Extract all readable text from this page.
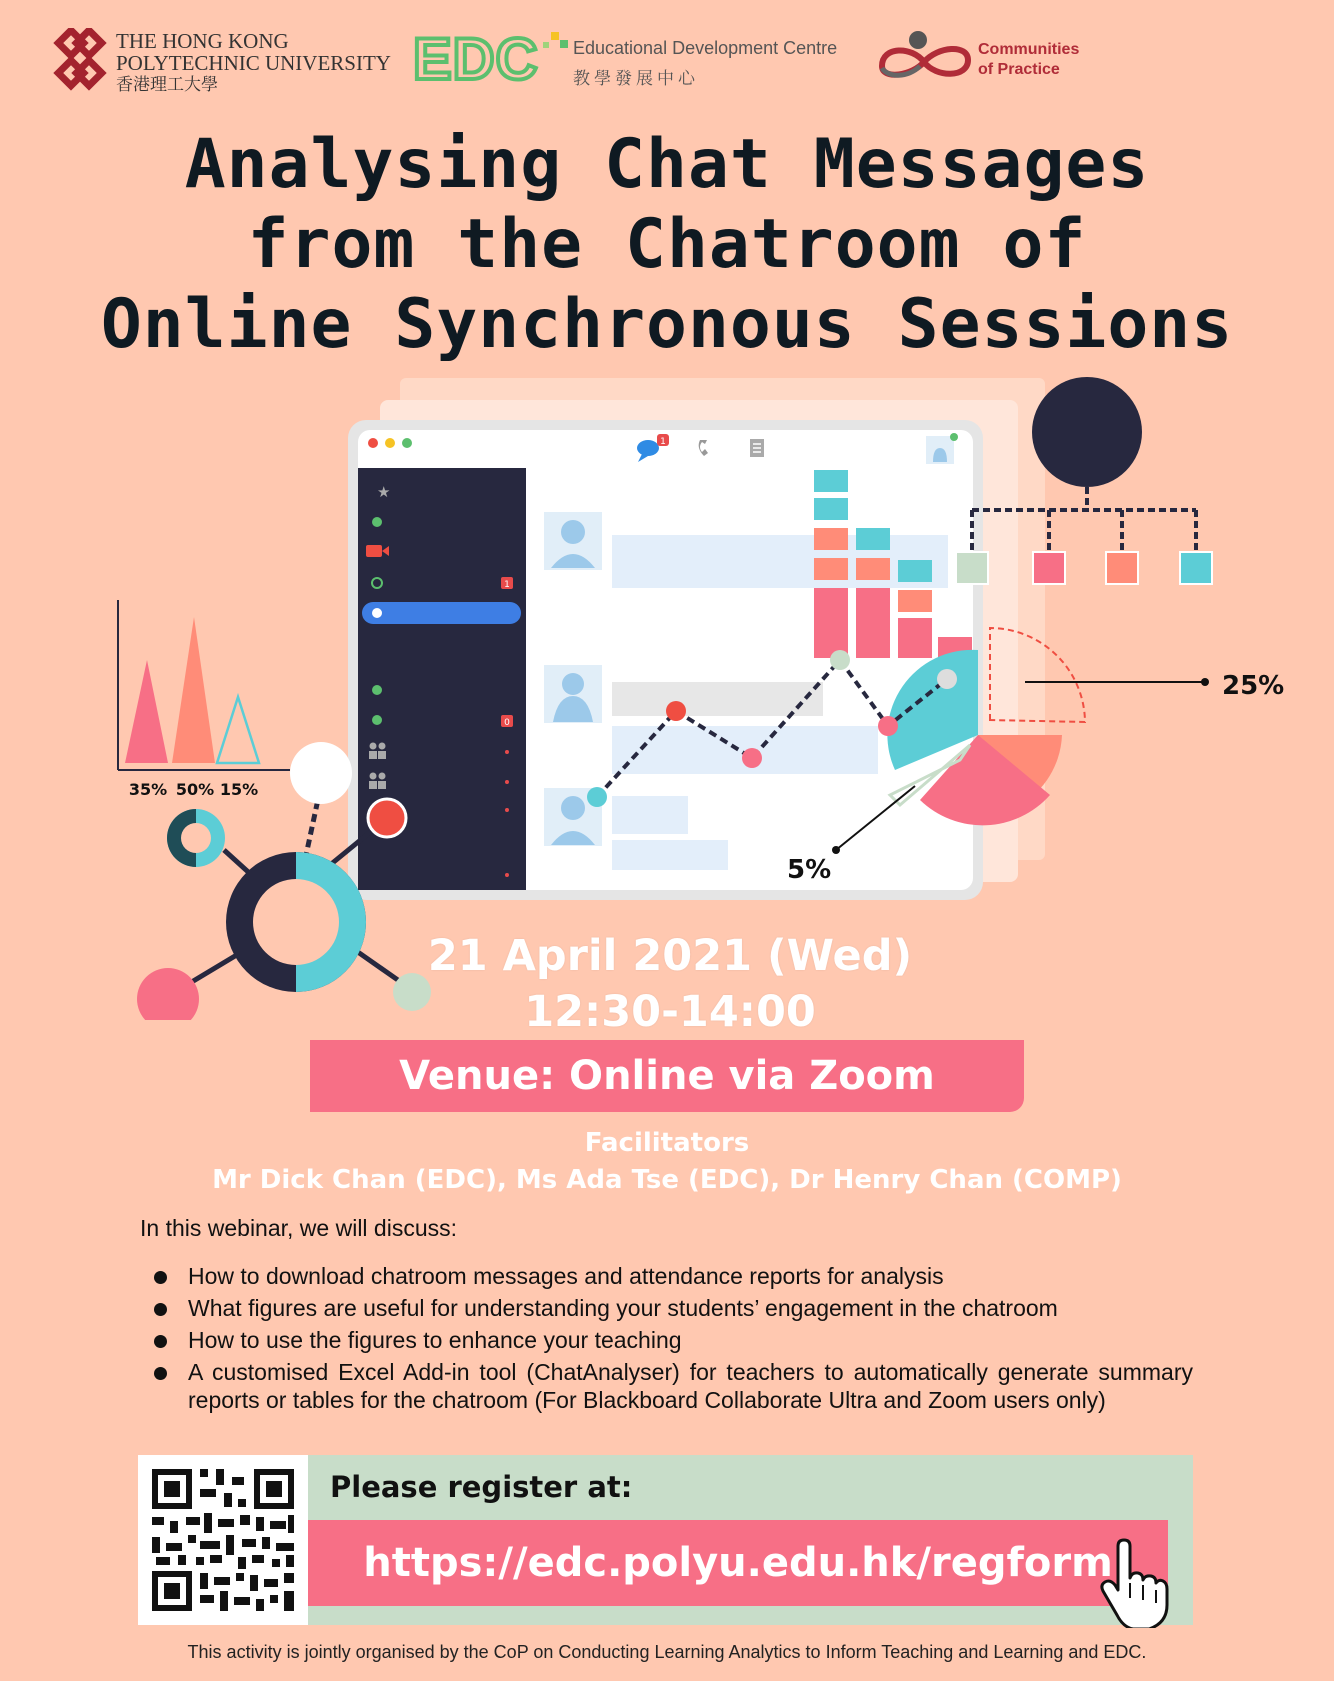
THE HONG KONG
POLYTECHNIC UNIVERSITY
香港理工大學	EDC Educational Development Centre
教學發展中心
Communities
of Practice
Analysing Chat Messages
from the Chatroom of
Online Synchronous Sessions
1
★
1
0
25%
5%
35% 50% 15%
21 April 2021 (Wed)
12:30-14:00
Venue: Online via Zoom
Facilitators
Mr Dick Chan (EDC), Ms Ada Tse (EDC), Dr Henry Chan (COMP)
In this webinar, we will discuss:
How to download chatroom messages and attendance reports for analysis
What figures are useful for understanding your students’ engagement in the chatroom
How to use the figures to enhance your teaching
A customised Excel Add-in tool (ChatAnalyser) for teachers to automatically generate summary reports or tables for the chatroom (For Blackboard Collaborate Ultra and Zoom users only)
Please register at:
https://edc.polyu.edu.hk/regform
This activity is jointly organised by the CoP on Conducting Learning Analytics to Inform Teaching and Learning and EDC.
